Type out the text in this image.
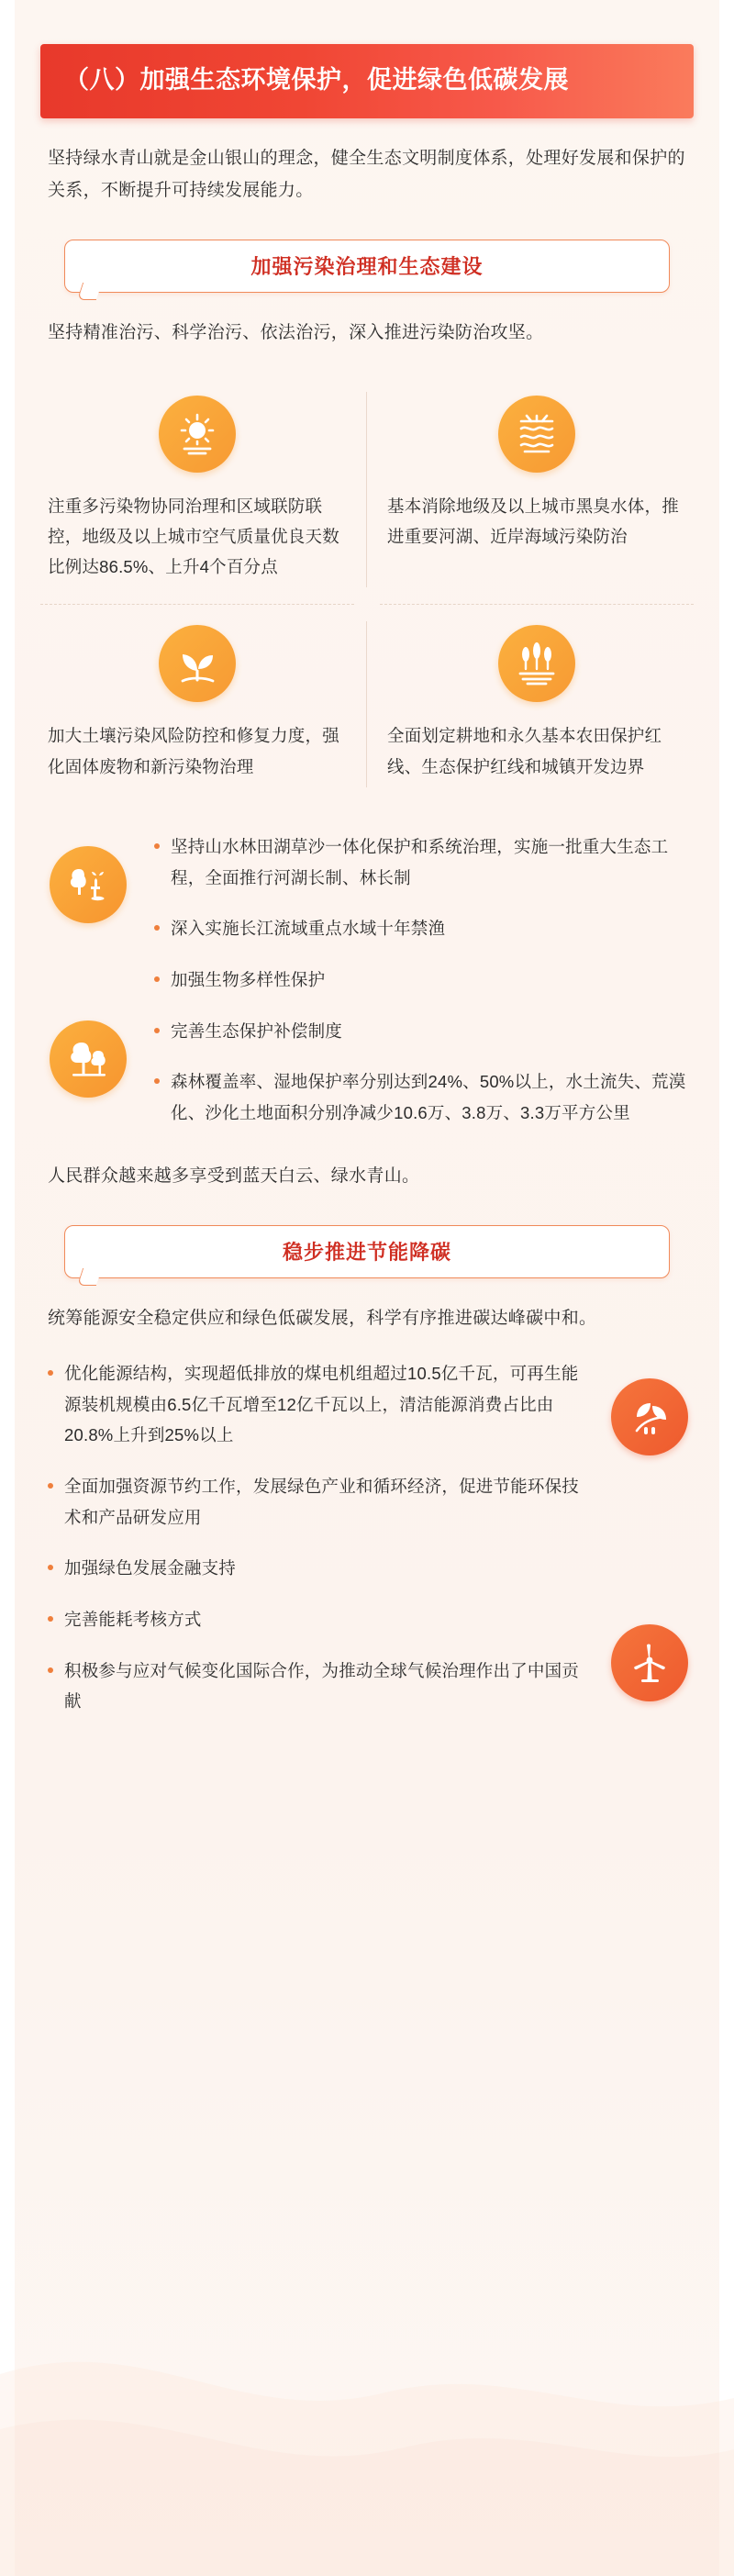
（八）加强生态环境保护，促进绿色低碳发展

坚持绿水青山就是金山银山的理念，健全生态文明制度体系，处理好发展和保护的关系，不断提升可持续发展能力。

加强污染治理和生态建设

坚持精准治污、科学治污、依法治污，深入推进污染防治攻坚。

注重多污染物协同治理和区域联防联控，地级及以上城市空气质量优良天数比例达86.5%、上升4个百分点
基本消除地级及以上城市黑臭水体，推进重要河湖、近岸海域污染防治
加大土壤污染风险防控和修复力度，强化固体废物和新污染物治理
全面划定耕地和永久基本农田保护红线、生态保护红线和城镇开发边界
坚持山水林田湖草沙一体化保护和系统治理，实施一批重大生态工程，全面推行河湖长制、林长制
深入实施长江流域重点水域十年禁渔
加强生物多样性保护
完善生态保护补偿制度
森林覆盖率、湿地保护率分别达到24%、50%以上，水土流失、荒漠化、沙化土地面积分别净减少10.6万、3.8万、3.3万平方公里

人民群众越来越多享受到蓝天白云、绿水青山。

稳步推进节能降碳

统筹能源安全稳定供应和绿色低碳发展，科学有序推进碳达峰碳中和。

优化能源结构，实现超低排放的煤电机组超过10.5亿千瓦，可再生能源装机规模由6.5亿千瓦增至12亿千瓦以上，清洁能源消费占比由20.8%上升到25%以上
全面加强资源节约工作，发展绿色产业和循环经济，促进节能环保技术和产品研发应用
加强绿色发展金融支持
完善能耗考核方式
积极参与应对气候变化国际合作，为推动全球气候治理作出了中国贡献
